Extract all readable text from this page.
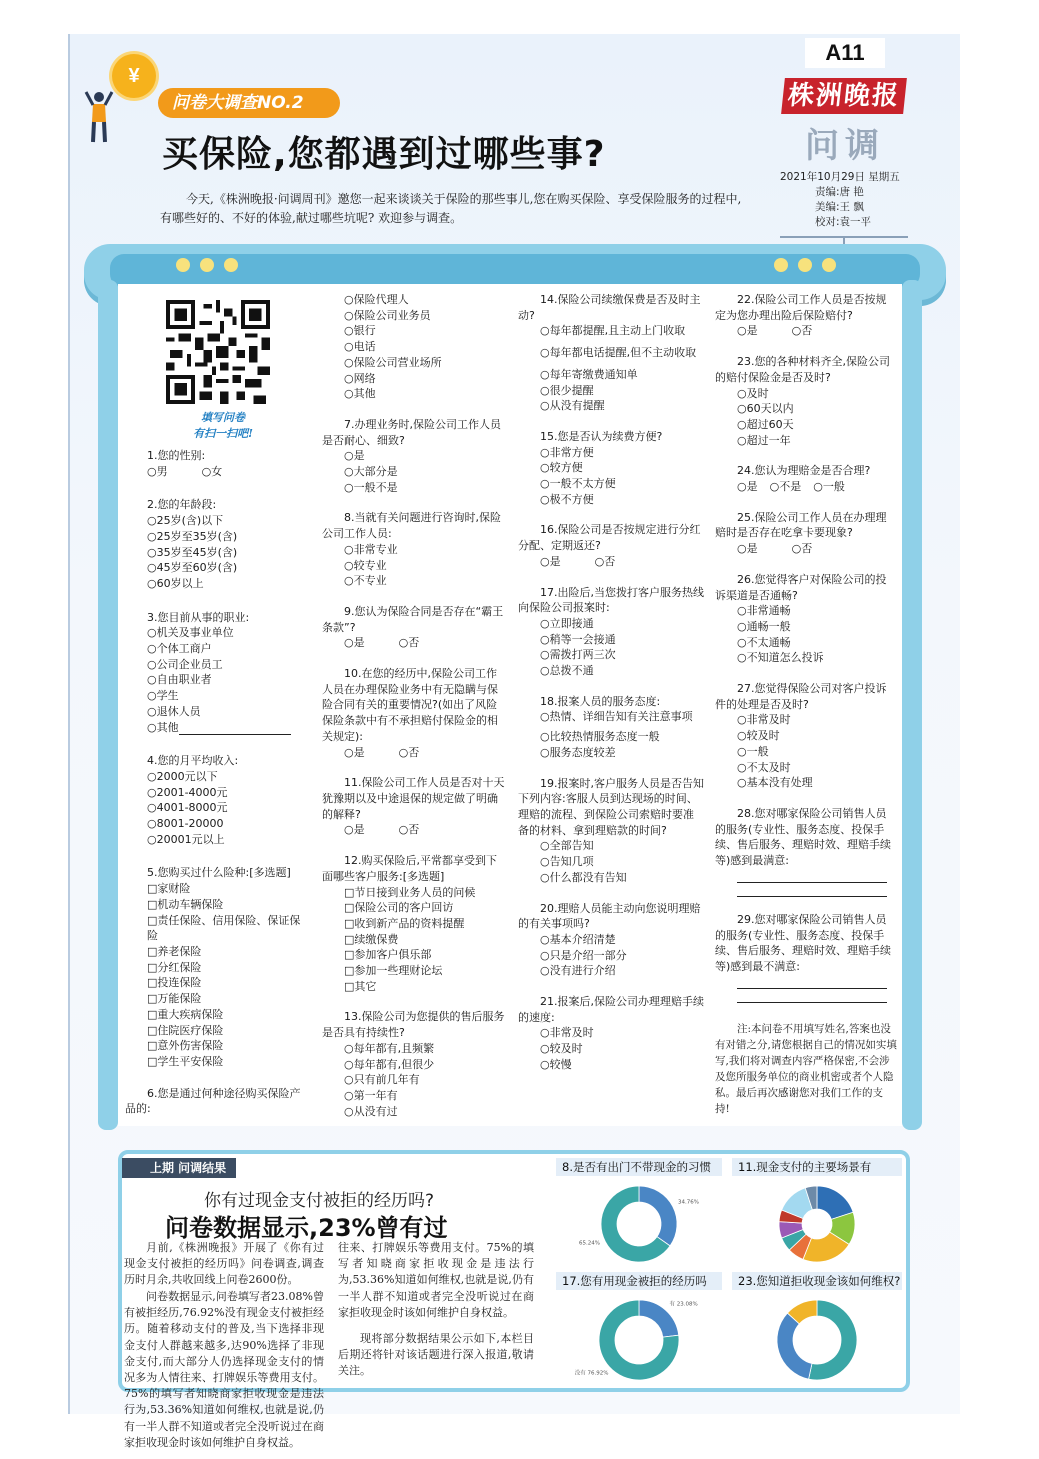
A11
株洲晚报
问调
2021年10月29日 星期五
责编:唐 艳
美编:王 飘
校对:袁一平
¥
问卷大调查NO.2
买保险,您都遇到过哪些事?
今天,《株洲晚报·问调周刊》邀您一起来谈谈关于保险的那些事儿,您在购买保险、享受保险服务的过程中,有哪些好的、不好的体验,献过哪些坑呢? 欢迎参与调查。
填写问卷
有扫一扫吧!
1.您的性别:
○男	○女
2.您的年龄段:
○25岁(含)以下
○25岁至35岁(含)
○35岁至45岁(含)
○45岁至60岁(含)
○60岁以上
3.您目前从事的职业:
○机关及事业单位
○个体工商户
○公司企业员工
○自由职业者
○学生
○退休人员
○其他
4.您的月平均收入:
○2000元以下
○2001-4000元
○4001-8000元
○8001-20000
○20001元以上
5.您购买过什么险种:[多选题]
□家财险
□机动车辆保险
□责任保险、信用保险、保证保险
□养老保险
□分红保险
□投连保险
□万能保险
□重大疾病保险
□住院医疗保险
□意外伤害保险
□学生平安保险
6.您是通过何种途径购买保险产品的:
○保险代理人
○保险公司业务员
○银行
○电话
○保险公司营业场所
○网络
○其他
7.办理业务时,保险公司工作人员是否耐心、细致?
○是
○大部分是
○一般不是
8.当就有关问题进行咨询时,保险公司工作人员:
○非常专业
○较专业
○不专业
9.您认为保险合同是否存在“霸王条款”?
○是	○否
10.在您的经历中,保险公司工作人员在办理保险业务中有无隐瞒与保险合同有关的重要情况?(如出了风险保险条款中有不承担赔付保险金的相关规定):
○是	○否
11.保险公司工作人员是否对十天犹豫期以及中途退保的规定做了明确的解释?
○是	○否
12.购买保险后,平常都享受到下面哪些客户服务:[多选题]
□节日接到业务人员的问候
□保险公司的客户回访
□收到新产品的资料提醒
□续缴保费
□参加客户俱乐部
□参加一些理财论坛
□其它
13.保险公司为您提供的售后服务是否具有持续性?
○每年都有,且频繁
○每年都有,但很少
○只有前几年有
○第一年有
○从没有过
14.保险公司续缴保费是否及时主动?
○每年都提醒,且主动上门收取
○每年都电话提醒,但不主动收取
○每年寄缴费通知单
○很少提醒
○从没有提醒
15.您是否认为续费方便?
○非常方便
○较方便
○一般不太方便
○极不方便
16.保险公司是否按规定进行分红分配、定期返还?
○是	○否
17.出险后,当您拨打客户服务热线向保险公司报案时:
○立即接通
○稍等一会接通
○需拨打两三次
○总拨不通
18.报案人员的服务态度:
○热情、详细告知有关注意事项
○比较热情服务态度一般
○服务态度较差
19.报案时,客户服务人员是否告知下列内容:客服人员到达现场的时间、理赔的流程、到保险公司索赔时要准备的材料、拿到理赔款的时间?
○全部告知
○告知几项
○什么都没有告知
20.理赔人员能主动向您说明理赔的有关事项吗?
○基本介绍清楚
○只是介绍一部分
○没有进行介绍
21.报案后,保险公司办理理赔手续的速度:
○非常及时
○较及时
○较慢
22.保险公司工作人员是否按规定为您办理出险后保险赔付?
○是	○否
23.您的各种材料齐全,保险公司的赔付保险金是否及时?
○及时
○60天以内
○超过60天
○超过一年
24.您认为理赔金是否合理?
○是 ○不是 ○一般
25.保险公司工作人员在办理理赔时是否存在吃拿卡要现象?
○是	○否
26.您觉得客户对保险公司的投诉渠道是否通畅?
○非常通畅
○通畅一般
○不太通畅
○不知道怎么投诉
27.您觉得保险公司对客户投诉件的处理是否及时?
○非常及时
○较及时
○一般
○不太及时
○基本没有处理
28.您对哪家保险公司销售人员的服务(专业性、服务态度、投保手续、售后服务、理赔时效、理赔手续等)感到最满意:
29.您对哪家保险公司销售人员的服务(专业性、服务态度、投保手续、售后服务、理赔时效、理赔手续等)感到最不满意:
注:本问卷不用填写姓名,答案也没有对错之分,请您根据自己的情况如实填写,我们将对调查内容严格保密,不会涉及您所服务单位的商业机密或者个人隐私。最后再次感谢您对我们工作的支持!
上期 问调结果
你有过现金支付被拒的经历吗?
问卷数据显示,23%曾有过
月前,《株洲晚报》开展了《你有过现金支付被拒的经历吗》问卷调查,调查历时月余,共收回线上问卷2600份。
问卷数据显示,问卷填写者23.08%曾有被拒经历,76.92%没有现金支付被拒经历。随着移动支付的普及,当下选择非现金支付人群越来越多,达90%选择了非现金支付,而大部分人仍选择现金支付的情况多为人情往来、打牌娱乐等费用支付。75%的填写者知晓商家拒收现金是违法行为,53.36%知道如何维权,也就是说,仍有一半人群不知道或者完全没听说过在商家拒收现金时该如何维护自身权益。
往来、打牌娱乐等费用支付。75%的填写者知晓商家拒收现金是违法行为,53.36%知道如何维权,也就是说,仍有一半人群不知道或者完全没听说过在商家拒收现金时该如何维护自身权益。
现将部分数据结果公示如下,本栏目后期还将针对该话题进行深入报道,敬请关注。
8.是否有出门不带现金的习惯	11.现金支付的主要场景有
17.您有用现金被拒的经历吗	23.您知道拒收现金该如何维权?
34.76%
65.24%
有 23.08%
没有 76.92%
